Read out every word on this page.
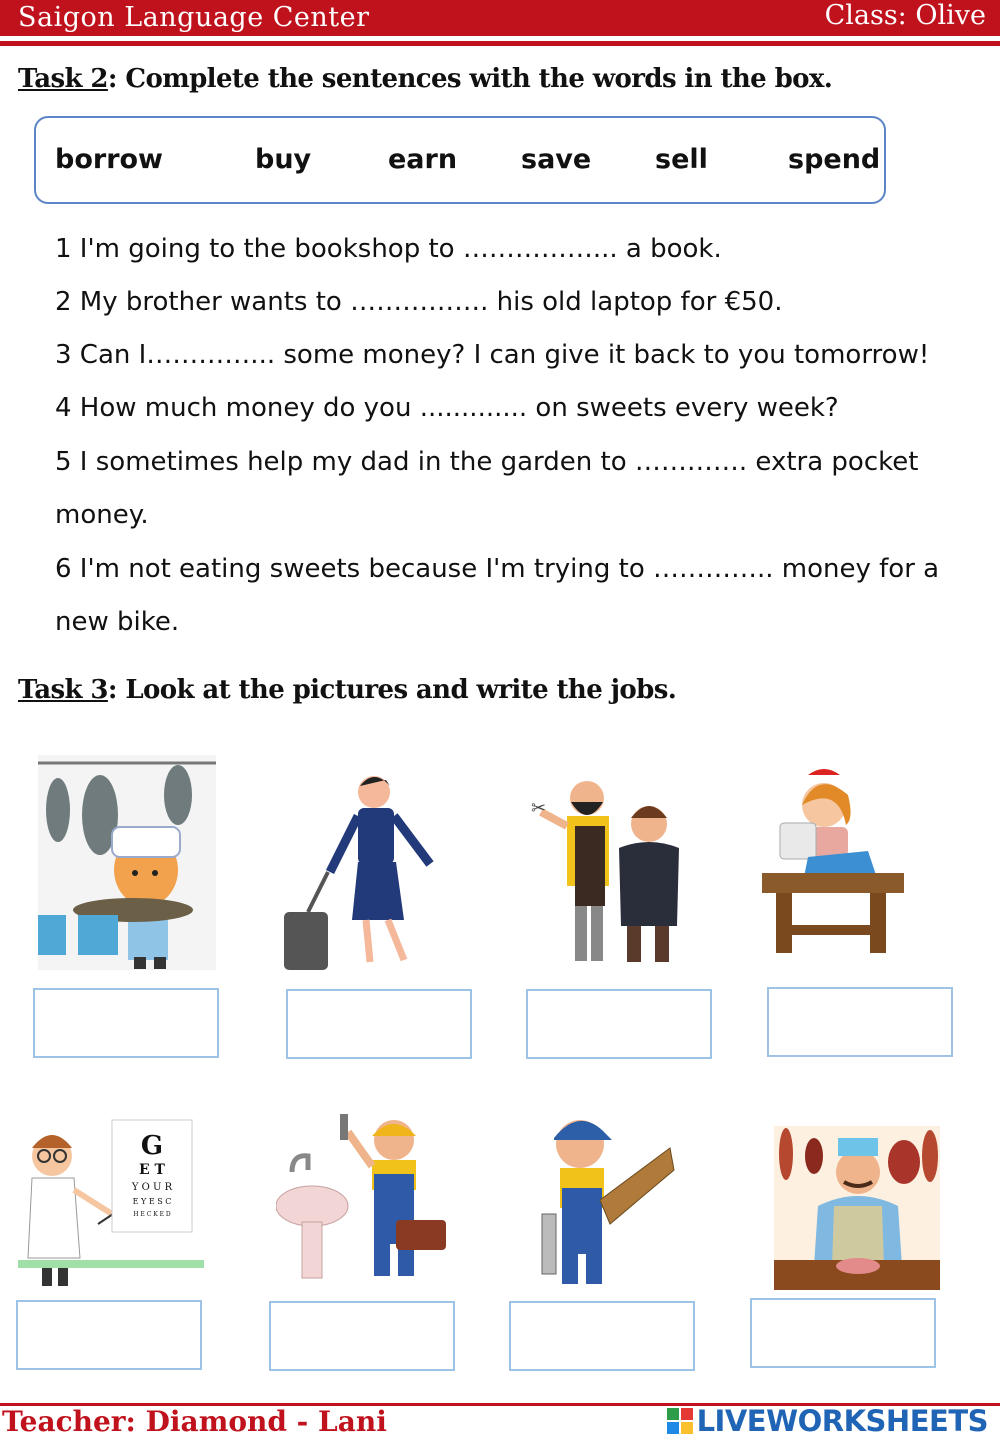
Saigon Language Center	Class: Olive
Task 2: Complete the sentences with the words in the box.
borrow	buy	earn save sell	spend
1 I'm going to the bookshop to ……………... a book.
2 My brother wants to ……………. his old laptop for €50.
3 Can I…………... some money? I can give it back to you tomorrow!
4 How much money do you ............. on sweets every week?
5 I sometimes help my dad in the garden to …………. extra pocket money.
6 I'm not eating sweets because I'm trying to ………….. money for a new bike.
Task 3: Look at the pictures and write the jobs.
✂
G
E T
Y O U R
E Y E S C
H E C K E D
Teacher: Diamond - Lani	LIVEWORKSHEETS
